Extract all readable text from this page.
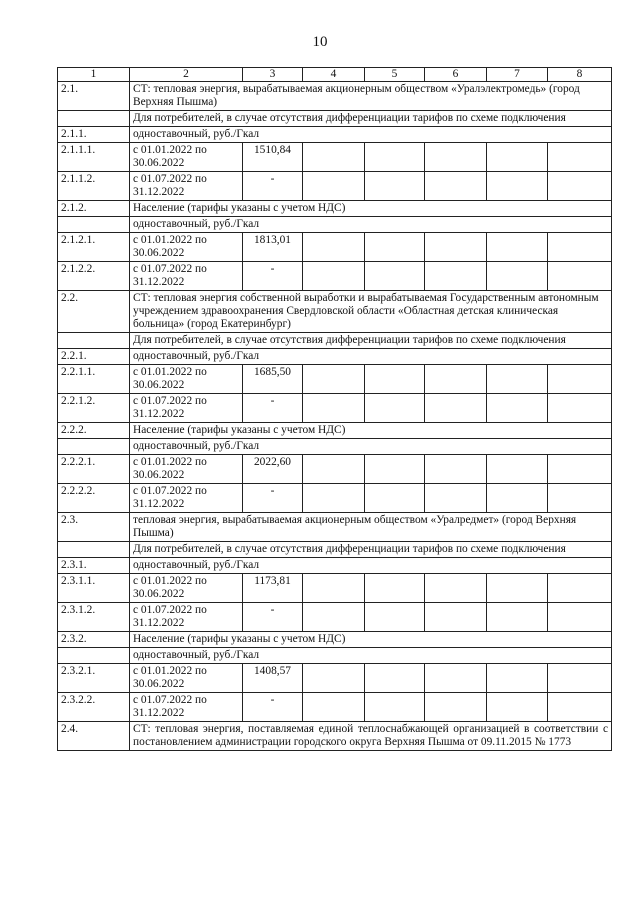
10
1	2	3	4	5	6	7	8
2.1.	СТ: тепловая энергия, вырабатываемая акционерным обществом «Уралэлектромедь» (город Верхняя Пышма)						
	Для потребителей, в случае отсутствия дифференциации тарифов по схеме подключения						
2.1.1.	одноставочный, руб./Гкал						
2.1.1.1.	с 01.01.2022 по 30.06.2022	1510,84					
2.1.1.2.	с 01.07.2022 по 31.12.2022	-					
2.1.2.	Население (тарифы указаны с учетом НДС)						
	одноставочный, руб./Гкал						
2.1.2.1.	с 01.01.2022 по 30.06.2022	1813,01					
2.1.2.2.	с 01.07.2022 по 31.12.2022	-					
2.2.	СТ: тепловая энергия собственной выработки и вырабатываемая Государственным автономным учреждением здравоохранения Свердловской области «Областная детская клиническая больница» (город Екатеринбург)						
	Для потребителей, в случае отсутствия дифференциации тарифов по схеме подключения						
2.2.1.	одноставочный, руб./Гкал						
2.2.1.1.	с 01.01.2022 по 30.06.2022	1685,50					
2.2.1.2.	с 01.07.2022 по 31.12.2022	-					
2.2.2.	Население (тарифы указаны с учетом НДС)						
	одноставочный, руб./Гкал						
2.2.2.1.	с 01.01.2022 по 30.06.2022	2022,60					
2.2.2.2.	с 01.07.2022 по 31.12.2022	-					
2.3.	тепловая энергия, вырабатываемая акционерным обществом «Уралредмет» (город Верхняя Пышма)						
	Для потребителей, в случае отсутствия дифференциации тарифов по схеме подключения						
2.3.1.	одноставочный, руб./Гкал						
2.3.1.1.	с 01.01.2022 по 30.06.2022	1173,81					
2.3.1.2.	с 01.07.2022 по 31.12.2022	-					
2.3.2.	Население (тарифы указаны с учетом НДС)						
	одноставочный, руб./Гкал						
2.3.2.1.	с 01.01.2022 по 30.06.2022	1408,57					
2.3.2.2.	с 01.07.2022 по 31.12.2022	-					
2.4.	СТ: тепловая энергия, поставляемая единой теплоснабжающей организацией в соответствии с постановлением администрации городского округа Верхняя Пышма от 09.11.2015 № 1773						
